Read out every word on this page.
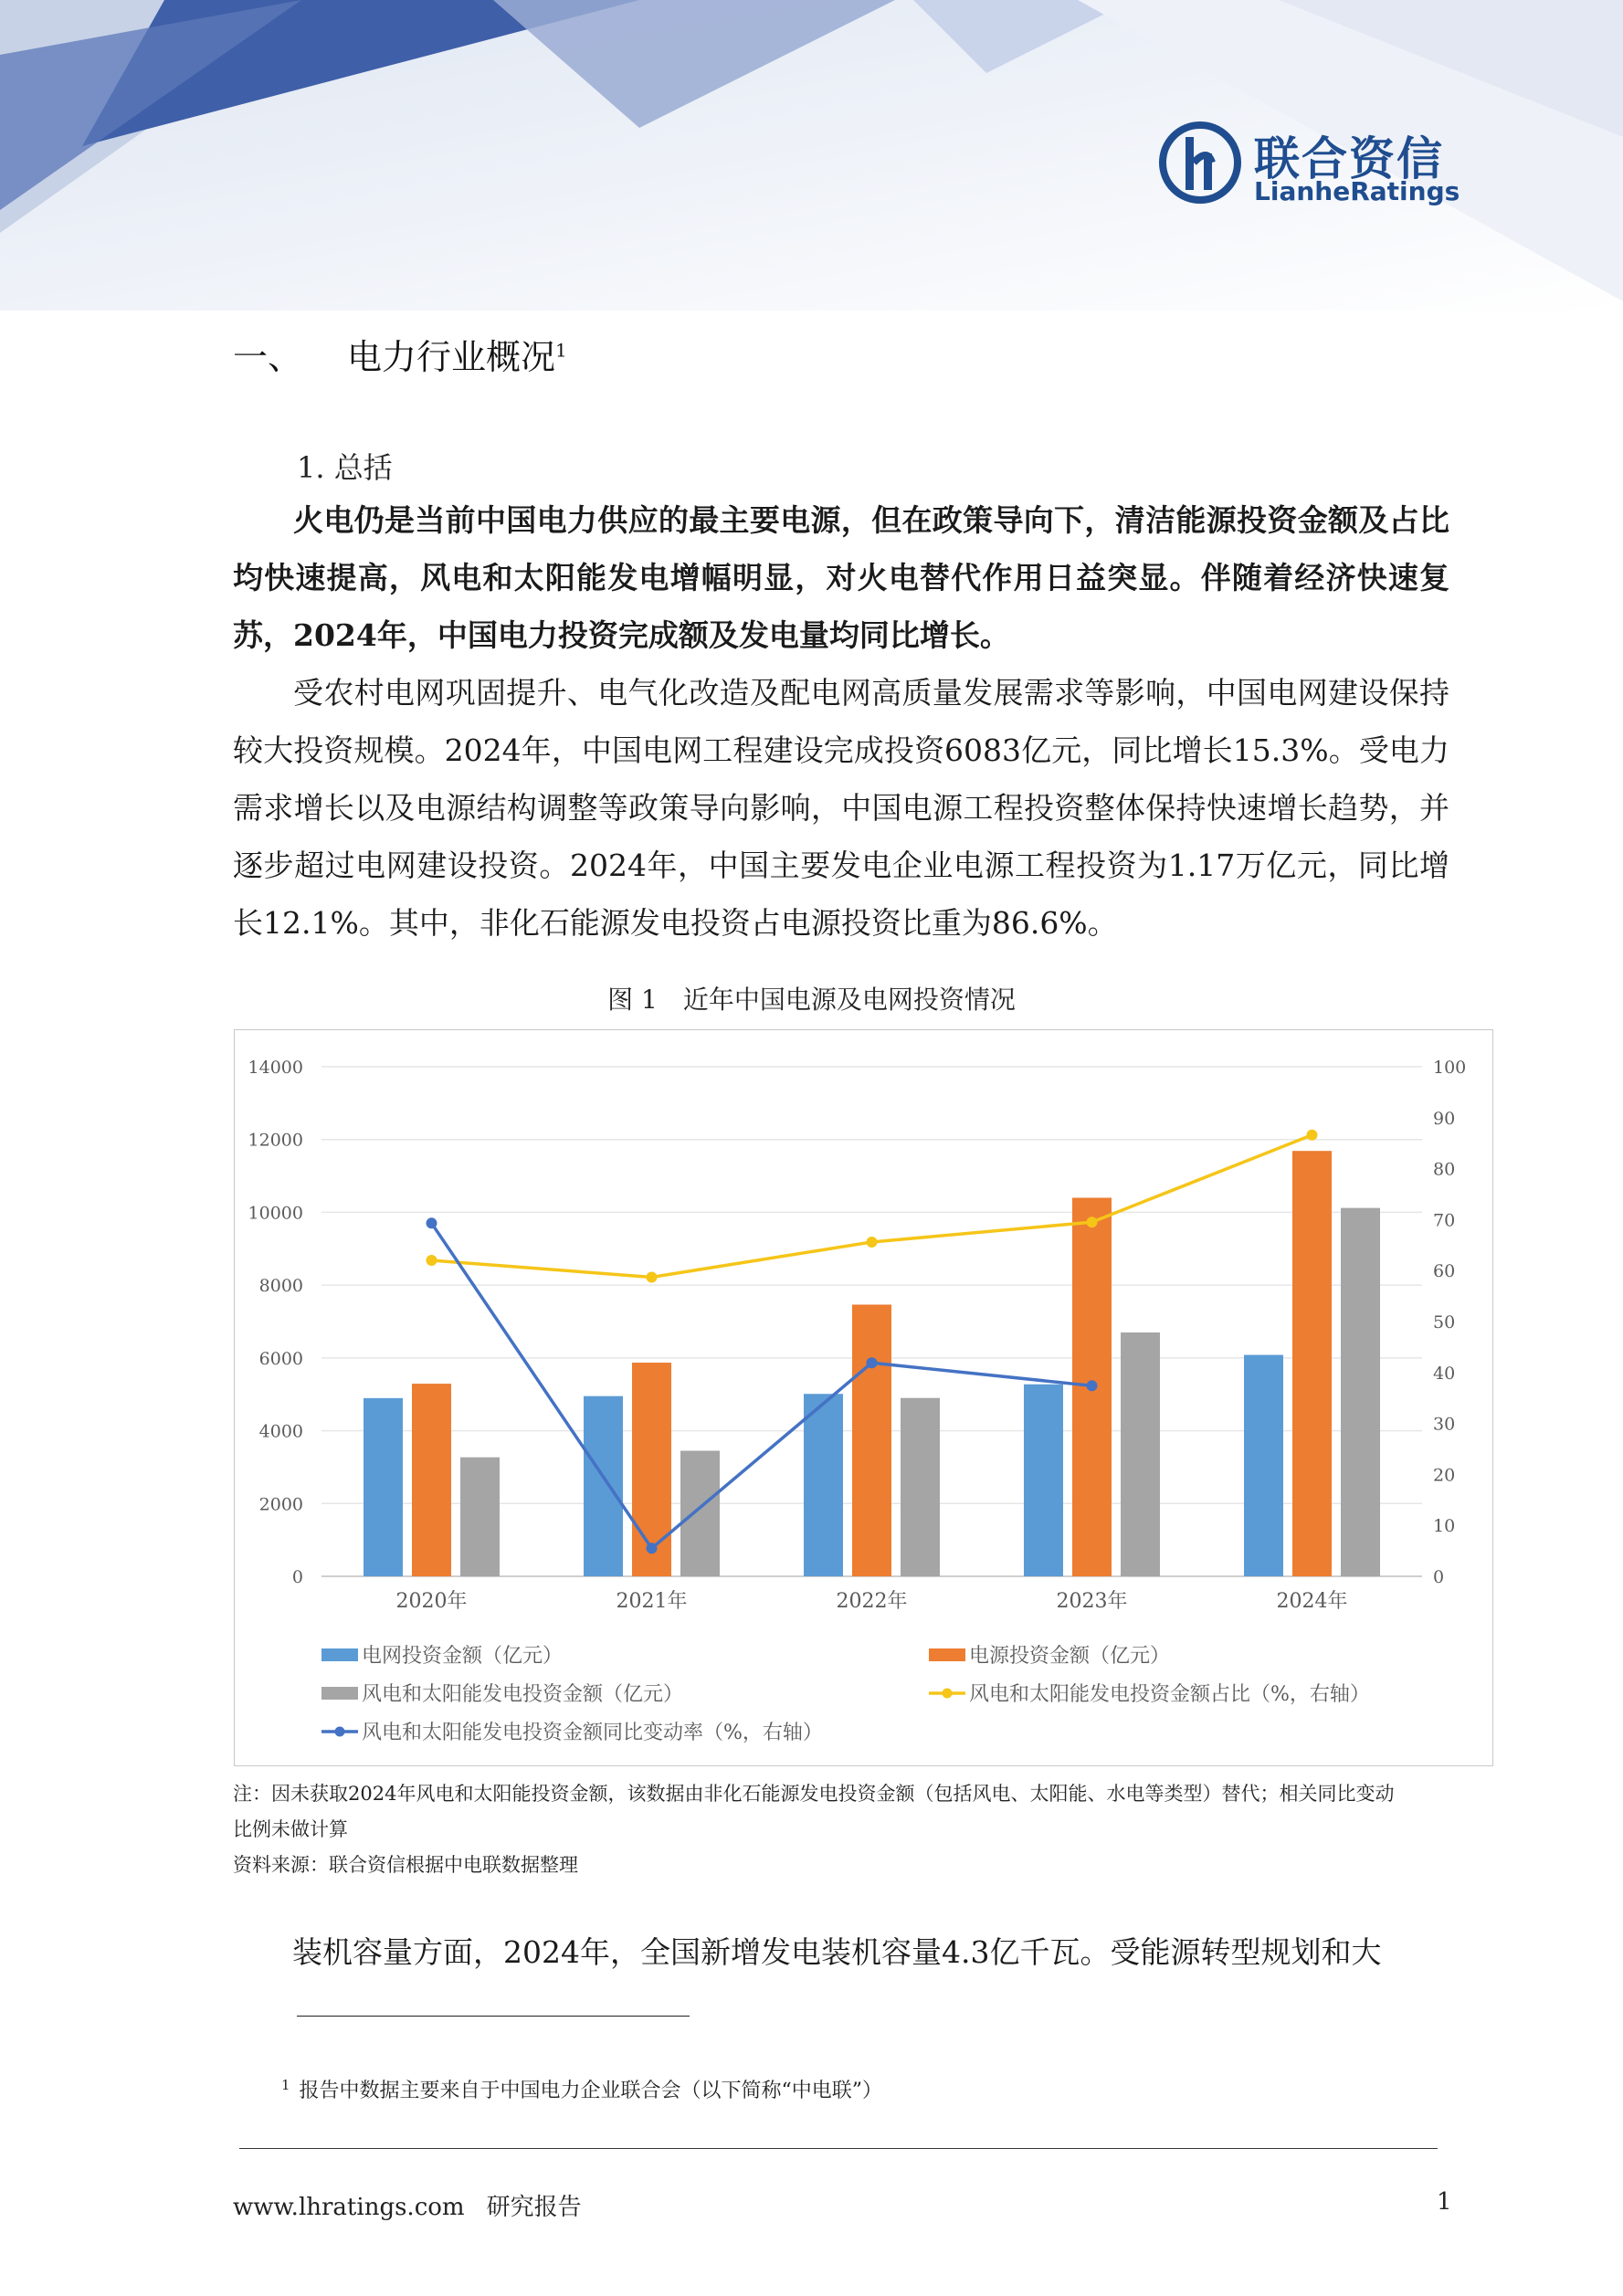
联合资信
LianheRatings
一、 电力行业概况$^1$
1. 总括

火电仍是当前中国电力供应的最主要电源，但在政策导向下，清洁能源投资金额及占比均快速提高，风电和太阳能发电增幅明显，对火电替代作用日益突显。伴随着经济快速复苏，2024年，中国电力投资完成额及发电量均同比增长。

受农村电网巩固提升、电气化改造及配电网高质量发展需求等影响，中国电网建设保持较大投资规模。2024年，中国电网工程建设完成投资6083亿元，同比增长15.3%。受电力需求增长以及电源结构调整等政策导向影响，中国电源工程投资整体保持快速增长趋势，并逐步超过电网建设投资。2024年，中国主要发电企业电源工程投资为1.17万亿元，同比增长12.1%。其中，非化石能源发电投资占电源投资比重为86.6%。

图 1　近年中国电源及电网投资情况
0
2000
4000
6000
8000
10000
12000
14000
0
10
20
30
40
50
60
70
80
90
100
2020年	2021年	2022年	2023年	2024年
电网投资金额（亿元）	电源投资金额（亿元）
风电和太阳能发电投资金额（亿元）	风电和太阳能发电投资金额占比（%，右轴）
风电和太阳能发电投资金额同比变动率（%，右轴）
注：因未获取2024年风电和太阳能投资金额，该数据由非化石能源发电投资金额（包括风电、太阳能、水电等类型）替代；相关同比变动
比例未做计算
资料来源：联合资信根据中电联数据整理
装机容量方面，2024年，全国新增发电装机容量4.3亿千瓦。受能源转型规划和大
$^1$ 报告中数据主要来自于中国电力企业联合会（以下简称“中电联”）
www.lhratings.com 研究报告	1
